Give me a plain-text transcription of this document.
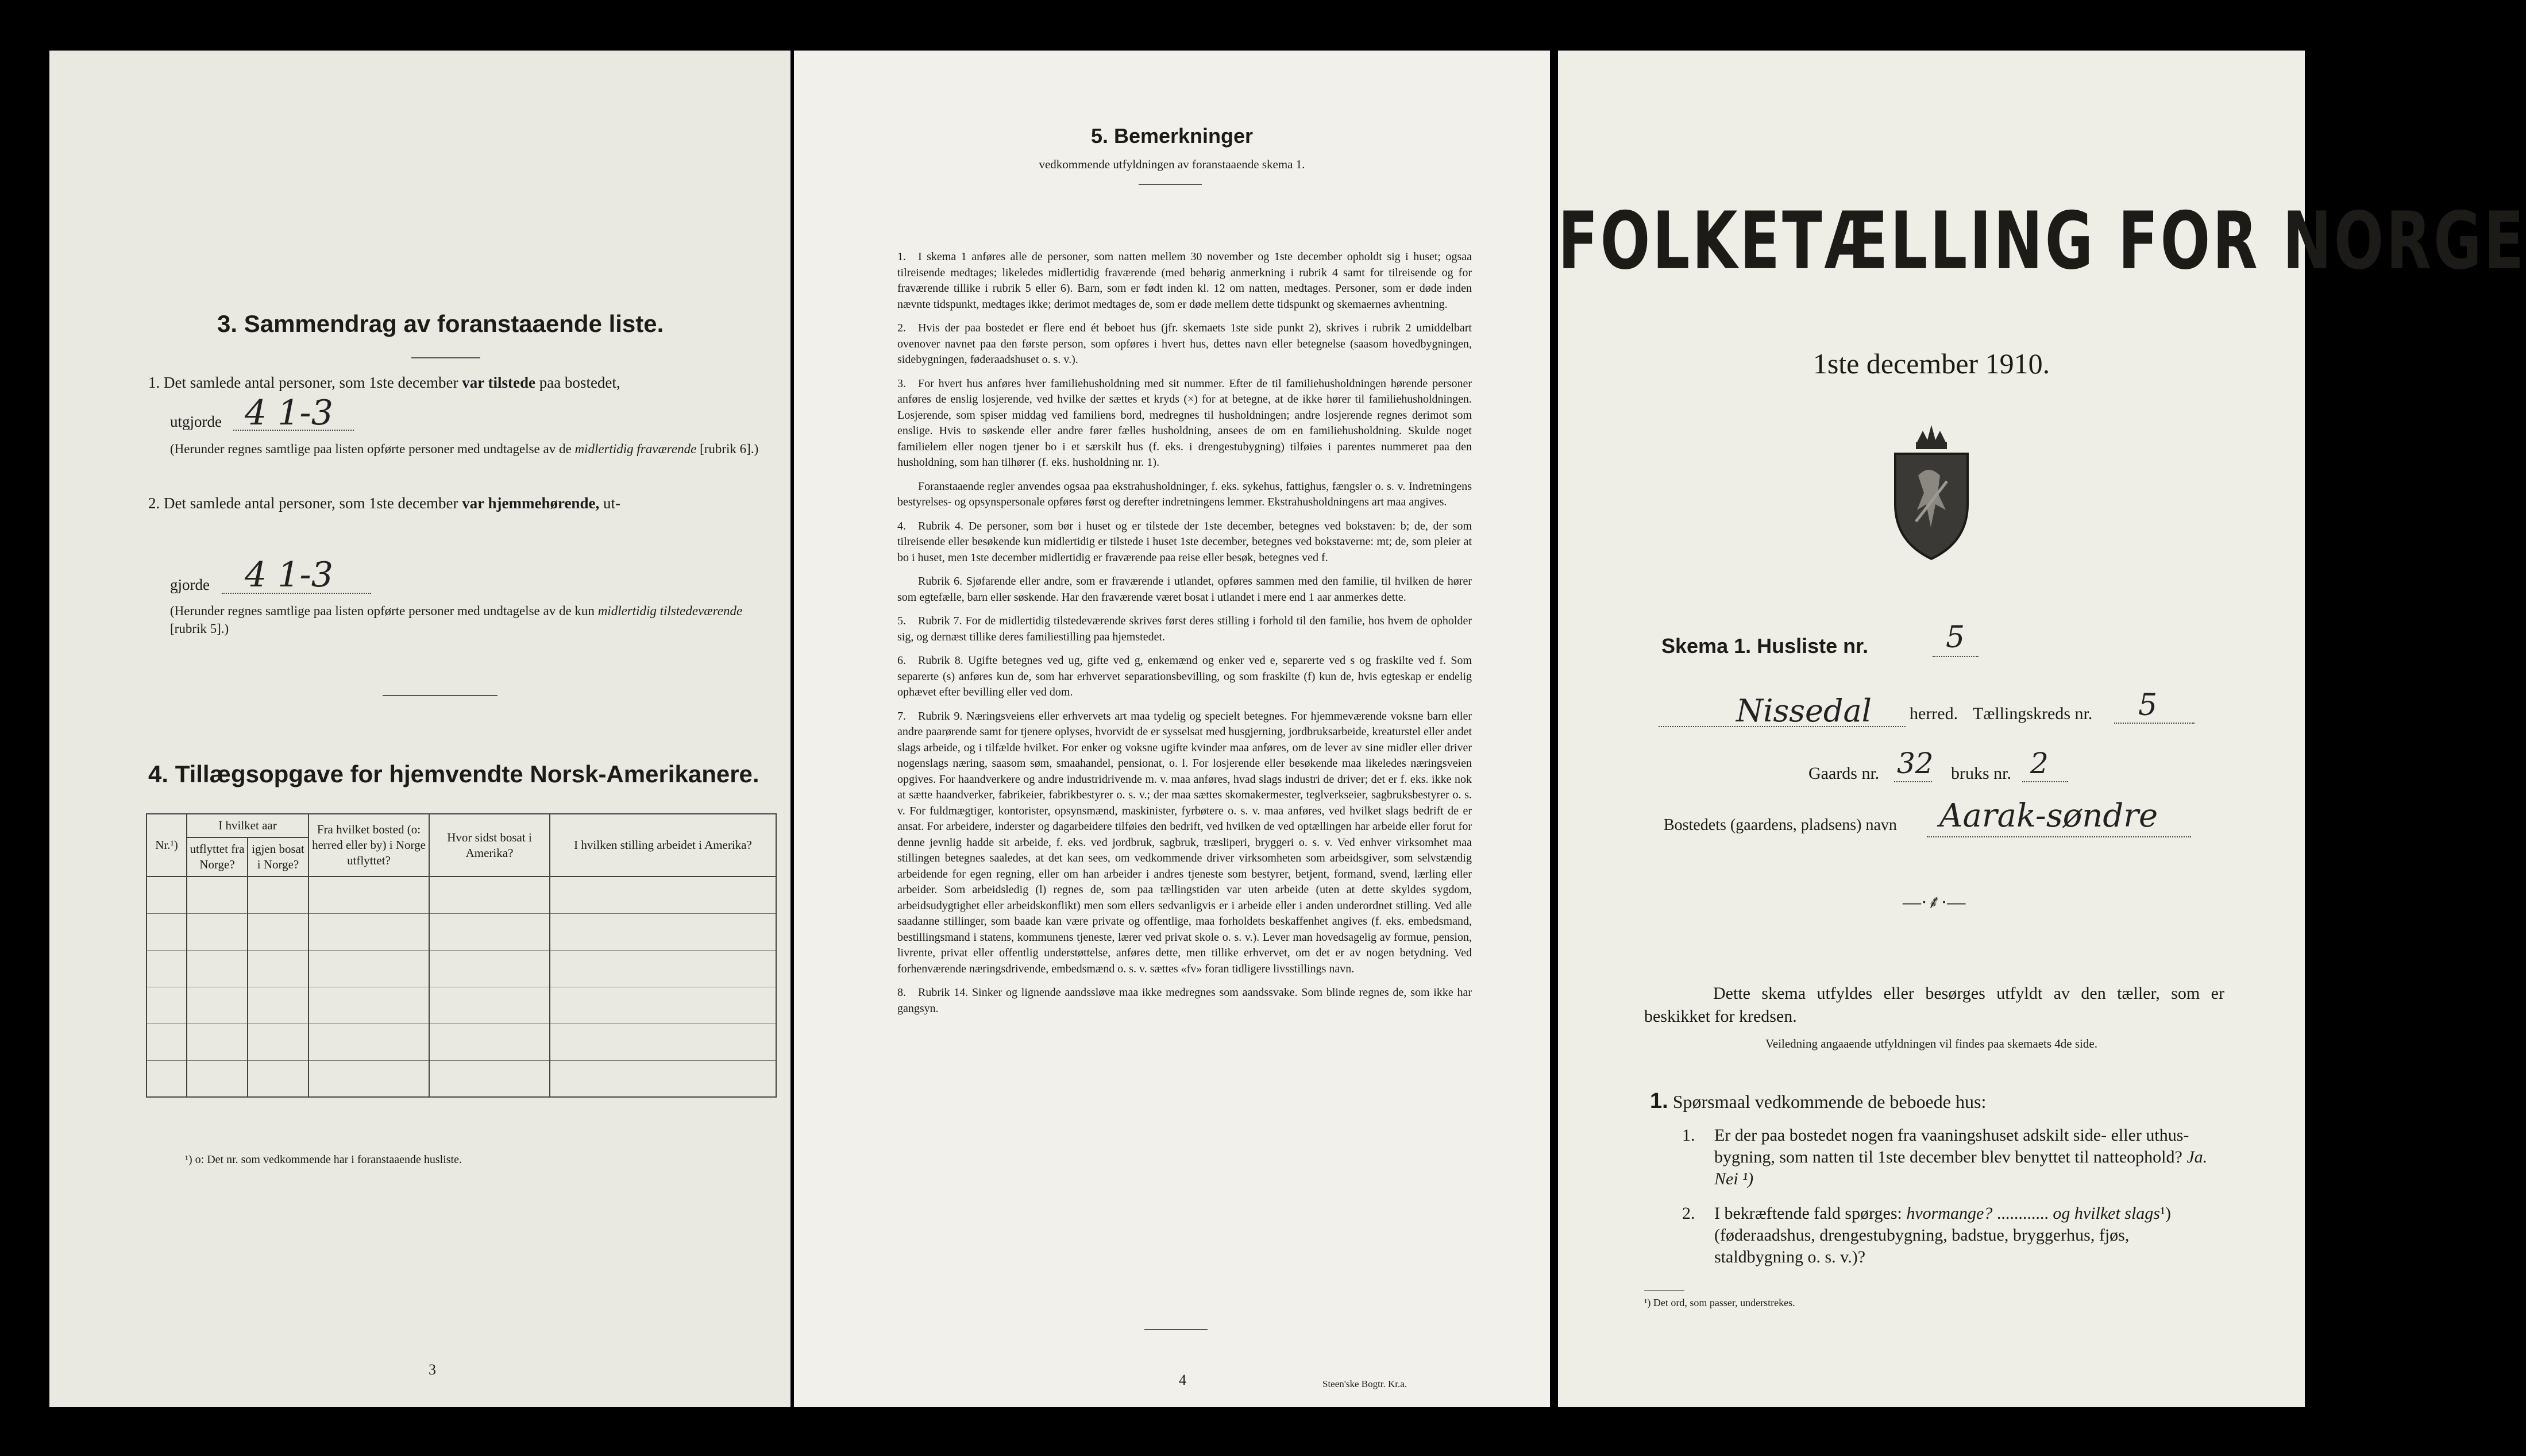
3. Sammendrag av foranstaaende liste.
1. Det samlede antal personer, som 1ste december var tilstede paa bostedet,
utgjorde 4 1-3
(Herunder regnes samtlige paa listen opførte personer med undtagelse av de midlertidig fraværende [rubrik 6].)
2. Det samlede antal personer, som 1ste december var hjemmehørende, ut-
gjorde 4 1-3
(Herunder regnes samtlige paa listen opførte personer med undtagelse av de kun midlertidig tilstedeværende [rubrik 5].)
4. Tillægsopgave for hjemvendte Norsk-Amerikanere.
Nr.¹)	I hvilket aar		Fra hvilket bosted (o: herred eller by) i Norge utflyttet?	Hvor sidst bosat i Amerika?	I hvilken stilling arbeidet i Amerika?
	utflyttet fra Norge?	igjen bosat i Norge?			

¹) o: Det nr. som vedkommende har i foranstaaende husliste.
3
5. Bemerkninger
vedkommende utfyldningen av foranstaaende skema 1.

1. I skema 1 anføres alle de personer, som natten mellem 30 november og 1ste december opholdt sig i huset; ogsaa tilreisende medtages; likeledes midlertidig fraværende (med behørig anmerkning i rubrik 4 samt for tilreisende og for fraværende tillike i rubrik 5 eller 6). Barn, som er født inden kl. 12 om natten, medtages. Personer, som er døde inden nævnte tidspunkt, medtages ikke; derimot medtages de, som er døde mellem dette tidspunkt og skemaernes avhentning.

2. Hvis der paa bostedet er flere end ét beboet hus (jfr. skemaets 1ste side punkt 2), skrives i rubrik 2 umiddelbart ovenover navnet paa den første person, som opføres i hvert hus, dettes navn eller betegnelse (saasom hovedbygningen, sidebygningen, føderaadshuset o. s. v.).

3. For hvert hus anføres hver familiehusholdning med sit nummer. Efter de til familiehusholdningen hørende personer anføres de enslig losjerende, ved hvilke der sættes et kryds (×) for at betegne, at de ikke hører til familiehusholdningen. Losjerende, som spiser middag ved familiens bord, medregnes til husholdningen; andre losjerende regnes derimot som enslige. Hvis to søskende eller andre fører fælles husholdning, ansees de om en familiehusholdning. Skulde noget familielem eller nogen tjener bo i et særskilt hus (f. eks. i drengestubygning) tilføies i parentes nummeret paa den husholdning, som han tilhører (f. eks. husholdning nr. 1).

Foranstaaende regler anvendes ogsaa paa ekstrahusholdninger, f. eks. sykehus, fattighus, fængsler o. s. v. Indretningens bestyrelses- og opsynspersonale opføres først og derefter indretningens lemmer. Ekstrahusholdningens art maa angives.

4. Rubrik 4. De personer, som bør i huset og er tilstede der 1ste december, betegnes ved bokstaven: b; de, der som tilreisende eller besøkende kun midlertidig er tilstede i huset 1ste december, betegnes ved bokstaverne: mt; de, som pleier at bo i huset, men 1ste december midlertidig er fraværende paa reise eller besøk, betegnes ved f.

Rubrik 6. Sjøfarende eller andre, som er fraværende i utlandet, opføres sammen med den familie, til hvilken de hører som egtefælle, barn eller søskende. Har den fraværende været bosat i utlandet i mere end 1 aar anmerkes dette.

5. Rubrik 7. For de midlertidig tilstedeværende skrives først deres stilling i forhold til den familie, hos hvem de opholder sig, og dernæst tillike deres familiestilling paa hjemstedet.

6. Rubrik 8. Ugifte betegnes ved ug, gifte ved g, enkemænd og enker ved e, separerte ved s og fraskilte ved f. Som separerte (s) anføres kun de, som har erhvervet separationsbevilling, og som fraskilte (f) kun de, hvis egteskap er endelig ophævet efter bevilling eller ved dom.

7. Rubrik 9. Næringsveiens eller erhvervets art maa tydelig og specielt betegnes. For hjemmeværende voksne barn eller andre paarørende samt for tjenere oplyses, hvorvidt de er sysselsat med husgjerning, jordbruksarbeide, kreaturstel eller andet slags arbeide, og i tilfælde hvilket. For enker og voksne ugifte kvinder maa anføres, om de lever av sine midler eller driver nogenslags næring, saasom søm, smaahandel, pensionat, o. l. For losjerende eller besøkende maa likeledes næringsveien opgives. For haandverkere og andre industridrivende m. v. maa anføres, hvad slags industri de driver; det er f. eks. ikke nok at sætte haandverker, fabrikeier, fabrikbestyrer o. s. v.; der maa sættes skomakermester, teglverkseier, sagbruksbestyrer o. s. v. For fuldmægtiger, kontorister, opsynsmænd, maskinister, fyrbøtere o. s. v. maa anføres, ved hvilket slags bedrift de er ansat. For arbeidere, inderster og dagarbeidere tilføies den bedrift, ved hvilken de ved optællingen har arbeide eller forut for denne jevnlig hadde sit arbeide, f. eks. ved jordbruk, sagbruk, træsliperi, bryggeri o. s. v. Ved enhver virksomhet maa stillingen betegnes saaledes, at det kan sees, om vedkommende driver virksomheten som arbeidsgiver, som selvstændig arbeidende for egen regning, eller om han arbeider i andres tjeneste som bestyrer, betjent, formand, svend, lærling eller arbeider. Som arbeidsledig (l) regnes de, som paa tællingstiden var uten arbeide (uten at dette skyldes sygdom, arbeidsudygtighet eller arbeidskonflikt) men som ellers sedvanligvis er i arbeide eller i anden underordnet stilling. Ved alle saadanne stillinger, som baade kan være private og offentlige, maa forholdets beskaffenhet angives (f. eks. embedsmand, bestillingsmand i statens, kommunens tjeneste, lærer ved privat skole o. s. v.). Lever man hovedsagelig av formue, pension, livrente, privat eller offentlig understøttelse, anføres dette, men tillike erhvervet, om det er av nogen betydning. Ved forhenværende næringsdrivende, embedsmænd o. s. v. sættes «fv» foran tidligere livsstillings navn.

8. Rubrik 14. Sinker og lignende aandssløve maa ikke medregnes som aandssvake. Som blinde regnes de, som ikke har gangsyn.

4	Steen'ske Bogtr. Kr.a.
FOLKETÆLLING FOR NORGE
1ste december 1910.
Skema 1. Husliste nr.	5
Nissedal herred. Tællingskreds nr. 5
Gaards nr. 32 bruks nr. 2
Bostedets (gaardens, pladsens) navn Aarak-søndre
—·⸙·—
Dette skema utfyldes eller besørges utfyldt av den tæller, som er beskikket for kredsen.
Veiledning angaaende utfyldningen vil findes paa skemaets 4de side.
1. Spørsmaal vedkommende de beboede hus:
1. Er der paa bostedet nogen fra vaaningshuset adskilt side- eller uthus-bygning, som natten til 1ste december blev benyttet til natteophold? Ja. Nei ¹)
2. I bekræftende fald spørges: hvormange? ............ og hvilket slags¹) (føderaadshus, drengestubygning, badstue, bryggerhus, fjøs, staldbygning o. s. v.)?
¹) Det ord, som passer, understrekes.
